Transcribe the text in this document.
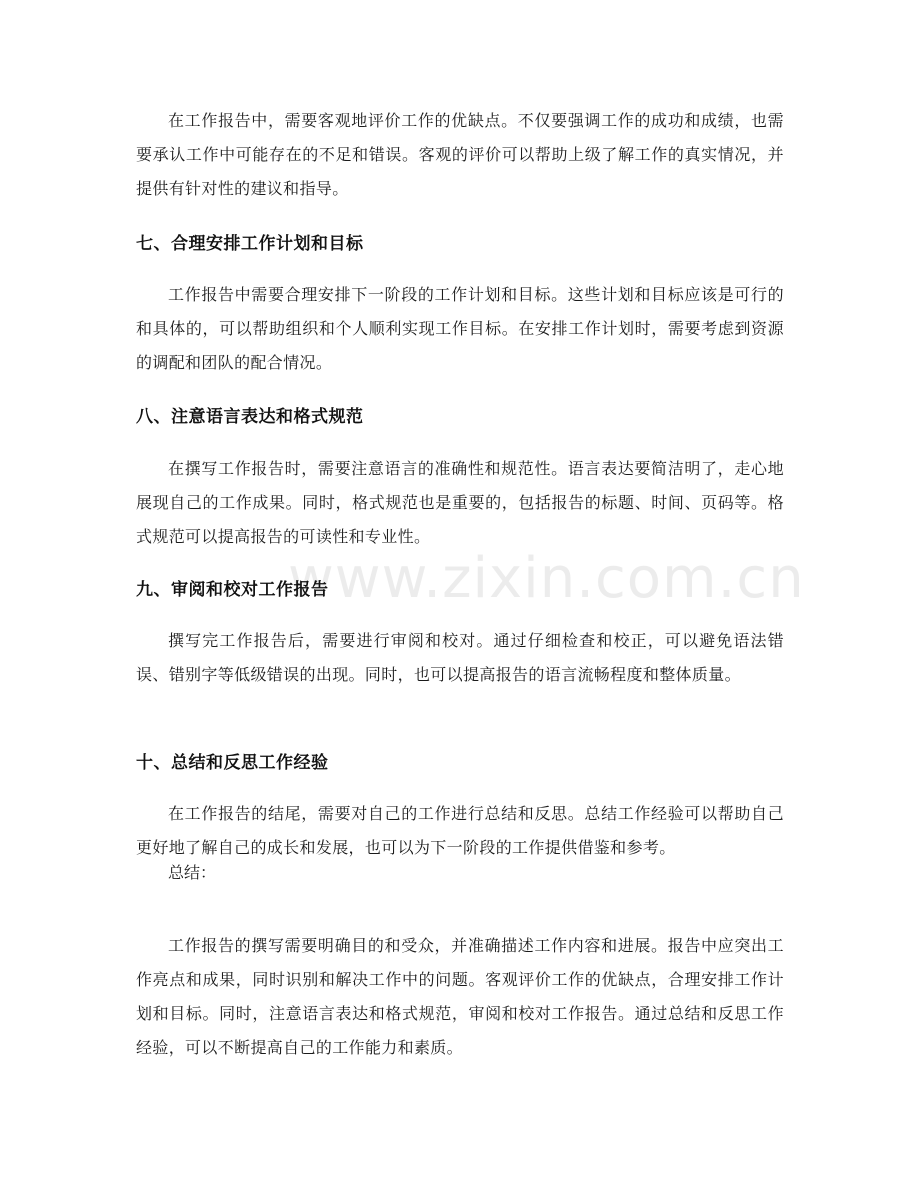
在工作报告中，需要客观地评价工作的优缺点。不仅要强调工作的成功和成绩，也需要承认工作中可能存在的不足和错误。客观的评价可以帮助上级了解工作的真实情况，并提供有针对性的建议和指导。

七、合理安排工作计划和目标

工作报告中需要合理安排下一阶段的工作计划和目标。这些计划和目标应该是可行的和具体的，可以帮助组织和个人顺利实现工作目标。在安排工作计划时，需要考虑到资源的调配和团队的配合情况。

八、注意语言表达和格式规范

在撰写工作报告时，需要注意语言的准确性和规范性。语言表达要简洁明了，走心地展现自己的工作成果。同时，格式规范也是重要的，包括报告的标题、时间、页码等。格式规范可以提高报告的可读性和专业性。

www.zixin.com.cn
九、审阅和校对工作报告

撰写完工作报告后，需要进行审阅和校对。通过仔细检查和校正，可以避免语法错误、错别字等低级错误的出现。同时，也可以提高报告的语言流畅程度和整体质量。

十、总结和反思工作经验

在工作报告的结尾，需要对自己的工作进行总结和反思。总结工作经验可以帮助自己更好地了解自己的成长和发展，也可以为下一阶段的工作提供借鉴和参考。

总结：

工作报告的撰写需要明确目的和受众，并准确描述工作内容和进展。报告中应突出工作亮点和成果，同时识别和解决工作中的问题。客观评价工作的优缺点，合理安排工作计划和目标。同时，注意语言表达和格式规范，审阅和校对工作报告。通过总结和反思工作经验，可以不断提高自己的工作能力和素质。
